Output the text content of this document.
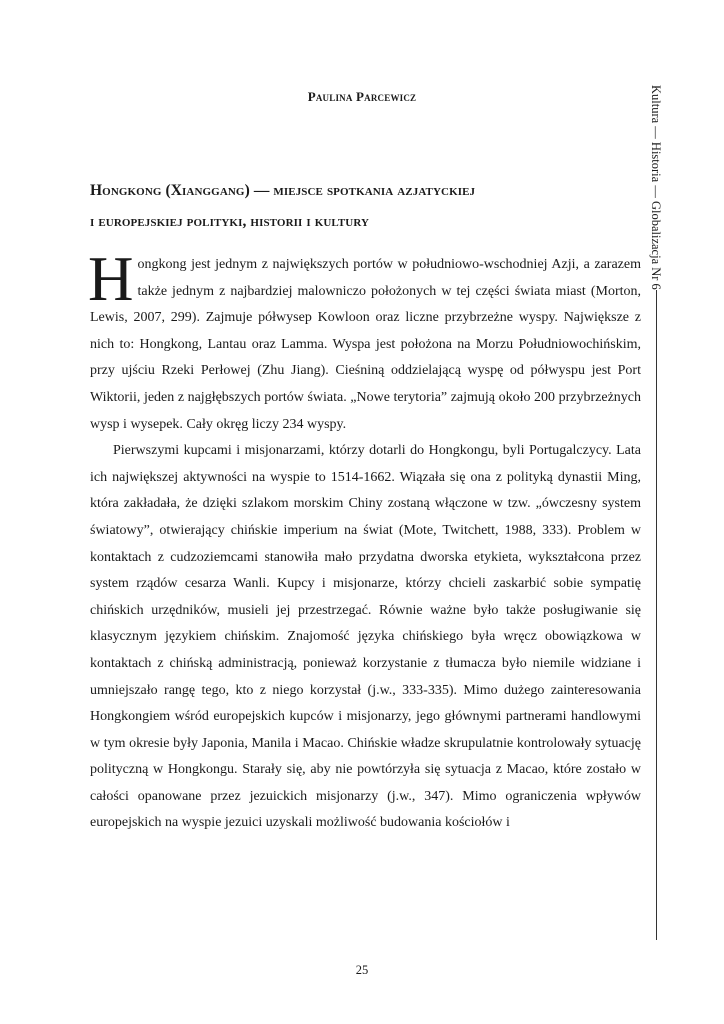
Paulina Parcewicz
Hongkong (Xianggang) — miejsce spotkania azjatyckiej
i europejskiej polityki, historii i kultury	Kultura — Historia — Globalizacja Nr 6

Hongkong jest jednym z największych portów w południowo-wschodniej Azji, a zarazem także jednym z najbardziej malowniczo położonych w tej części świata miast (Morton, Lewis, 2007, 299). Zajmuje półwysep Kowloon oraz liczne przybrzeżne wyspy. Największe z nich to: Hongkong, Lantau oraz Lamma. Wyspa jest położona na Morzu Południowochińskim, przy ujściu Rzeki Perłowej (Zhu Jiang). Cieśniną oddzielającą wyspę od półwyspu jest Port Wiktorii, jeden z najgłębszych portów świata. „Nowe terytoria” zajmują około 200 przybrzeżnych wysp i wysepek. Cały okręg liczy 234 wyspy.

Pierwszymi kupcami i misjonarzami, którzy dotarli do Hongkongu, byli Portugalczycy. Lata ich największej aktywności na wyspie to 1514-1662. Wiązała się ona z polityką dynastii Ming, która zakładała, że dzięki szlakom morskim Chiny zostaną włączone w tzw. „ówczesny system światowy”, otwierający chińskie imperium na świat (Mote, Twitchett, 1988, 333). Problem w kontaktach z cudzoziemcami stanowiła mało przydatna dworska etykieta, wykształcona przez system rządów cesarza Wanli. Kupcy i misjonarze, którzy chcieli zaskarbić sobie sympatię chińskich urzędników, musieli jej przestrzegać. Równie ważne było także posługiwanie się klasycznym językiem chińskim. Znajomość języka chińskiego była wręcz obowiązkowa w kontaktach z chińską administracją, ponieważ korzystanie z tłumacza było niemile widziane i umniejszało rangę tego, kto z niego korzystał (j.w., 333-335). Mimo dużego zainteresowania Hongkongiem wśród europejskich kupców i misjonarzy, jego głównymi partnerami handlowymi w tym okresie były Japonia, Manila i Macao. Chińskie władze skrupulatnie kontrolowały sytuację polityczną w Hongkongu. Starały się, aby nie powtórzyła się sytuacja z Macao, które zostało w całości opanowane przez jezuickich misjonarzy (j.w., 347). Mimo ograniczenia wpływów europejskich na wyspie jezuici uzyskali możliwość budowania kościołów i

25
